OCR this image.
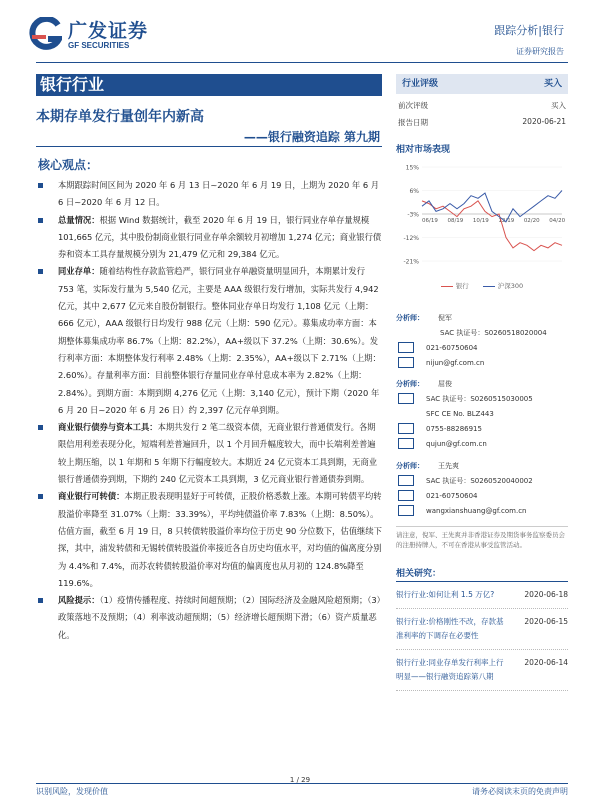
广发证券
GF SECURITIES
跟踪分析|银行
证券研究报告
银行行业
本期存单发行量创年内新高
——银行融资追踪 第九期
核心观点：
本期跟踪时间区间为 2020 年 6 月 13 日~2020 年 6 月 19 日，上期为 2020 年 6 月 6 日~2020 年 6 月 12 日。
总量情况：根据 Wind 数据统计，截至 2020 年 6 月 19 日，银行同业存单存量规模 101,665 亿元，其中股份制商业银行同业存单余额较月初增加 1,274 亿元；商业银行债券和资本工具存量规模分别为 21,479 亿元和 29,384 亿元。
同业存单：随着结构性存款监管趋严，银行同业存单融资量明显回升，本期累计发行 753 笔，实际发行量为 5,540 亿元，主要是 AAA 级银行发行增加，实际共发行 4,942 亿元，其中 2,677 亿元来自股份制银行。整体同业存单日均发行 1,108 亿元（上期：666 亿元），AAA 级银行日均发行 988 亿元（上期：590 亿元）。募集成功率方面：本期整体募集成功率 86.7%（上期：82.2%），AA+级以下 37.2%（上期：30.6%）。发行利率方面：本期整体发行利率 2.48%（上期：2.35%），AA+级以下 2.71%（上期：2.60%）。存量利率方面：目前整体银行存量同业存单付息成本率为 2.82%（上期：2.84%）。到期方面：本期到期 4,276 亿元（上期：3,140 亿元），预计下期（2020 年 6 月 20 日~2020 年 6 月 26 日）约 2,397 亿元存单到期。
商业银行债券与资本工具：本期共发行 2 笔二级资本债，无商业银行普通债发行。各期限信用利差表现分化，短端利差普遍回升，以 1 个月回升幅度较大，而中长端利差普遍较上期压缩，以 1 年期和 5 年期下行幅度较大。本期近 24 亿元资本工具到期，无商业银行普通债券到期，下期约 240 亿元资本工具到期，3 亿元商业银行普通债券到期。
商业银行可转债：本期正股表现明显好于可转债，正股价格悉数上涨。本期可转债平均转股溢价率降至 31.07%（上期：33.39%），平均纯债溢价率 7.83%（上期：8.50%）。估值方面，截至 6 月 19 日，8 只转债转股溢价率均位于历史 90 分位数下，估值继续下探，其中，浦发转债和无锡转债转股溢价率接近各自历史均值水平，对均值的偏离度分别为 4.4%和 7.4%，而苏农转债转股溢价率对均值的偏离度也从月初的 124.8%降至 119.6%。
风险提示：（1）疫情传播程度、持续时间超预期；（2）国际经济及金融风险超预期；（3）政策落地不及预期；（4）利率波动超预期；（5）经济增长超预期下滑；（6）资产质量恶化。
行业评级	买入
前次评级	买入
报告日期	2020-06-21
相对市场表现
15%
6%
-3%
-12%
-21%
06/19 08/19 10/19 12/19 02/20 04/20
银行	沪深300
分析师： 倪军
SAC 执证号：S0260518020004
021-60750604
nijun@gf.com.cn
分析师： 屈俊
SAC 执证号：S0260515030005
SFC CE No. BLZ443
0755-88286915
qujun@gf.com.cn
分析师： 王先爽
SAC 执证号：S0260520040002
021-60750604
wangxianshuang@gf.com.cn
请注意，倪军、王先爽并非香港证券及期货事务监察委员会的注册持牌人，不可在香港从事受监管活动。
相关研究：
银行行业:如何让利 1.5 万亿?	2020-06-18
银行行业:价格刚性不改，存款基准利率的下调存在必要性
2020-06-15
银行行业:同业存单发行利率上行明显——银行融资追踪第八期
2020-06-14
1 / 29
识别风险，发现价值	请务必阅读末页的免责声明
